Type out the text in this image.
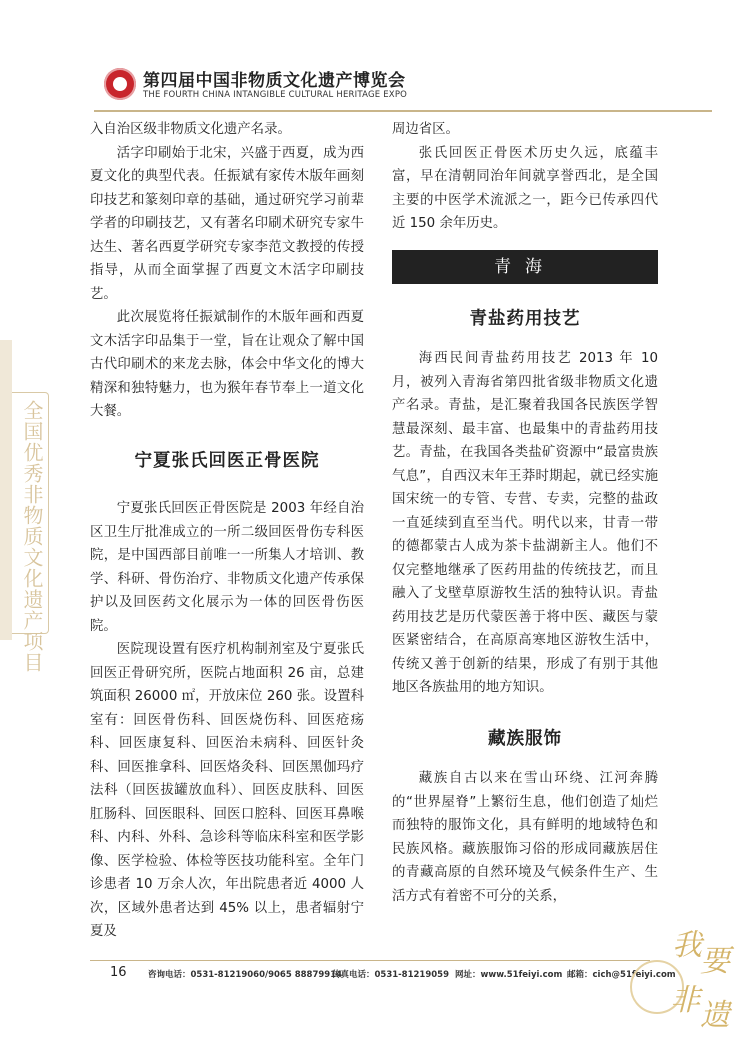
第四届中国非物质文化遗产博览会
THE FOURTH CHINA INTANGIBLE CULTURAL HERITAGE EXPO
全国优秀非物质文化遗产项目

入自治区级非物质文化遗产名录。

活字印刷始于北宋，兴盛于西夏，成为西夏文化的典型代表。任振斌有家传木版年画刻印技艺和篆刻印章的基础，通过研究学习前辈学者的印刷技艺，又有著名印刷术研究专家牛达生、著名西夏学研究专家李范文教授的传授指导，从而全面掌握了西夏文木活字印刷技艺。

此次展览将任振斌制作的木版年画和西夏文木活字印品集于一堂，旨在让观众了解中国古代印刷术的来龙去脉，体会中华文化的博大精深和独特魅力，也为猴年春节奉上一道文化大餐。

宁夏张氏回医正骨医院

宁夏张氏回医正骨医院是 2003 年经自治区卫生厅批准成立的一所二级回医骨伤专科医院，是中国西部目前唯一一所集人才培训、教学、科研、骨伤治疗、非物质文化遗产传承保护以及回医药文化展示为一体的回医骨伤医院。

医院现设置有医疗机构制剂室及宁夏张氏回医正骨研究所，医院占地面积 26 亩，总建筑面积 26000 ㎡，开放床位 260 张。设置科室有：回医骨伤科、回医烧伤科、回医疮疡科、回医康复科、回医治未病科、回医针灸科、回医推拿科、回医烙灸科、回医黑伽玛疗法科（回医拔罐放血科）、回医皮肤科、回医肛肠科、回医眼科、回医口腔科、回医耳鼻喉科、内科、外科、急诊科等临床科室和医学影像、医学检验、体检等医技功能科室。全年门诊患者 10 万余人次，年出院患者近 4000 人次，区域外患者达到 45% 以上，患者辐射宁夏及

周边省区。

张氏回医正骨医术历史久远，底蕴丰富，早在清朝同治年间就享誉西北，是全国主要的中医学术流派之一，距今已传承四代近 150 余年历史。

青海
青盐药用技艺

海西民间青盐药用技艺 2013 年 10 月，被列入青海省第四批省级非物质文化遗产名录。青盐，是汇聚着我国各民族医学智慧最深刻、最丰富、也最集中的青盐药用技艺。青盐，在我国各类盐矿资源中“最富贵族气息”，自西汉末年王莽时期起，就已经实施国宋统一的专管、专营、专卖，完整的盐政一直延续到直至当代。明代以来，甘青一带的德都蒙古人成为茶卡盐湖新主人。他们不仅完整地继承了医药用盐的传统技艺，而且融入了戈壁草原游牧生活的独特认识。青盐药用技艺是历代蒙医善于将中医、藏医与蒙医紧密结合，在高原高寒地区游牧生活中，传统又善于创新的结果，形成了有别于其他地区各族盐用的地方知识。

藏族服饰

藏族自古以来在雪山环绕、江河奔腾的“世界屋脊”上繁衍生息，他们创造了灿烂而独特的服饰文化，具有鲜明的地域特色和民族风格。藏族服饰习俗的形成同藏族居住的青藏高原的自然环境及气候条件生产、生活方式有着密不可分的关系，

16	咨询电话：0531-81219060/9065 88879914
传真电话：0531-81219059 网址：www.51feiyi.com 邮箱：cich@51feiyi.com
我
要
非 遗
